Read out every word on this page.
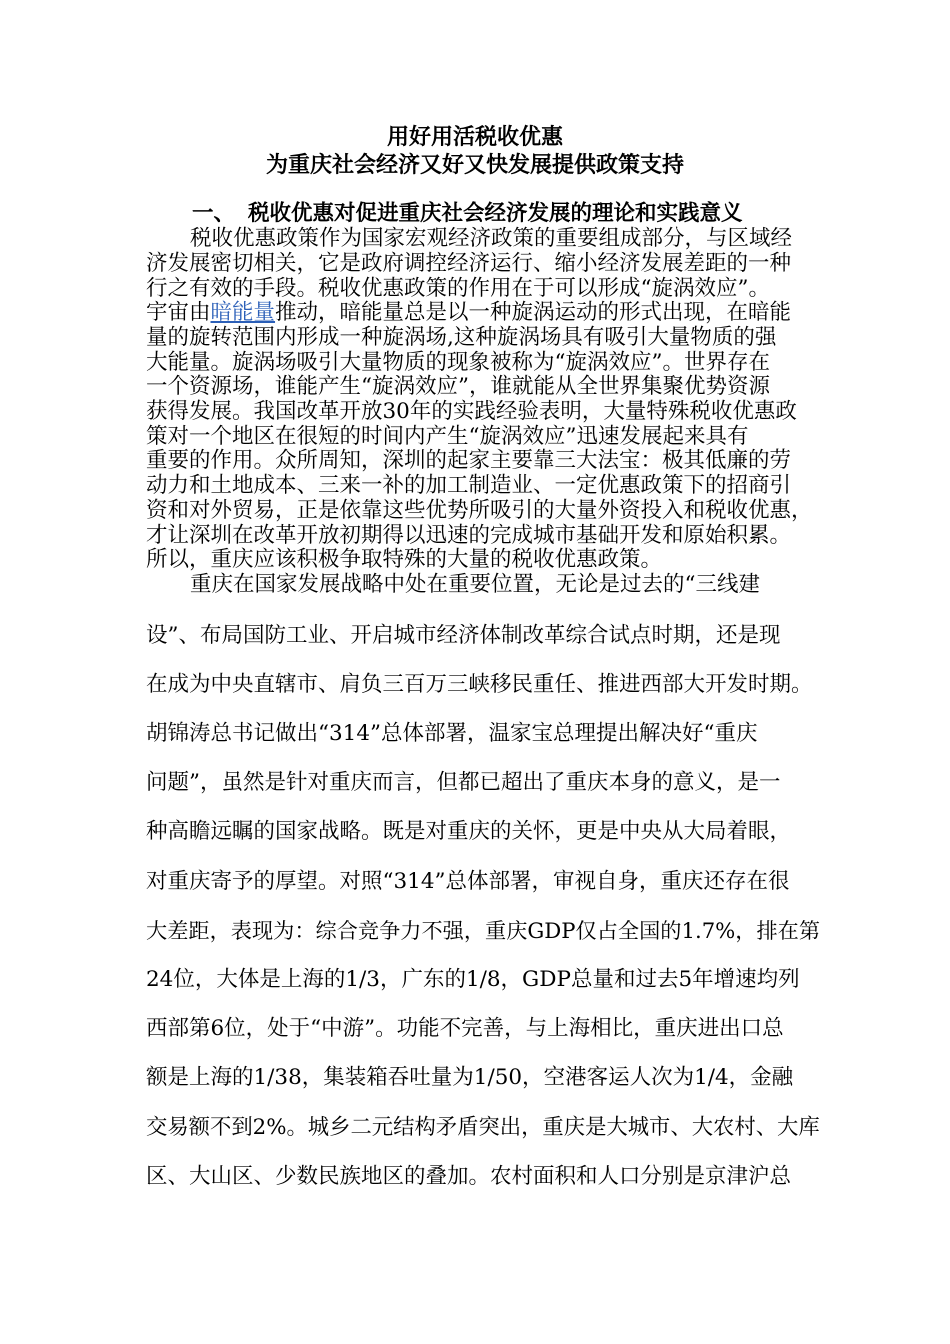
用好用活税收优惠
为重庆社会经济又好又快发展提供政策支持
一、 税收优惠对促进重庆社会经济发展的理论和实践意义
税收优惠政策作为国家宏观经济政策的重要组成部分，与区域经
济发展密切相关，它是政府调控经济运行、缩小经济发展差距的一种
行之有效的手段。税收优惠政策的作用在于可以形成“旋涡效应”。
宇宙由暗能量推动，暗能量总是以一种旋涡运动的形式出现，在暗能
量的旋转范围内形成一种旋涡场,这种旋涡场具有吸引大量物质的强
大能量。旋涡场吸引大量物质的现象被称为“旋涡效应”。世界存在
一个资源场，谁能产生“旋涡效应”，谁就能从全世界集聚优势资源
获得发展。我国改革开放30年的实践经验表明，大量特殊税收优惠政
策对一个地区在很短的时间内产生“旋涡效应”迅速发展起来具有
重要的作用。众所周知，深圳的起家主要靠三大法宝：极其低廉的劳
动力和土地成本、三来一补的加工制造业、一定优惠政策下的招商引
资和对外贸易，正是依靠这些优势所吸引的大量外资投入和税收优惠，
才让深圳在改革开放初期得以迅速的完成城市基础开发和原始积累。
所以，重庆应该积极争取特殊的大量的税收优惠政策。
重庆在国家发展战略中处在重要位置，无论是过去的“三线建
设”、布局国防工业、开启城市经济体制改革综合试点时期，还是现
在成为中央直辖市、肩负三百万三峡移民重任、推进西部大开发时期。
胡锦涛总书记做出“314”总体部署，温家宝总理提出解决好“重庆
问题”，虽然是针对重庆而言，但都已超出了重庆本身的意义，是一
种高瞻远瞩的国家战略。既是对重庆的关怀，更是中央从大局着眼，
对重庆寄予的厚望。对照“314”总体部署，审视自身，重庆还存在很
大差距，表现为：综合竞争力不强，重庆GDP仅占全国的1.7%，排在第
24位，大体是上海的1/3，广东的1/8，GDP总量和过去5年增速均列
西部第6位，处于“中游”。功能不完善，与上海相比，重庆进出口总
额是上海的1/38，集装箱吞吐量为1/50，空港客运人次为1/4，金融
交易额不到2%。城乡二元结构矛盾突出，重庆是大城市、大农村、大库
区、大山区、少数民族地区的叠加。农村面积和人口分别是京津沪总
